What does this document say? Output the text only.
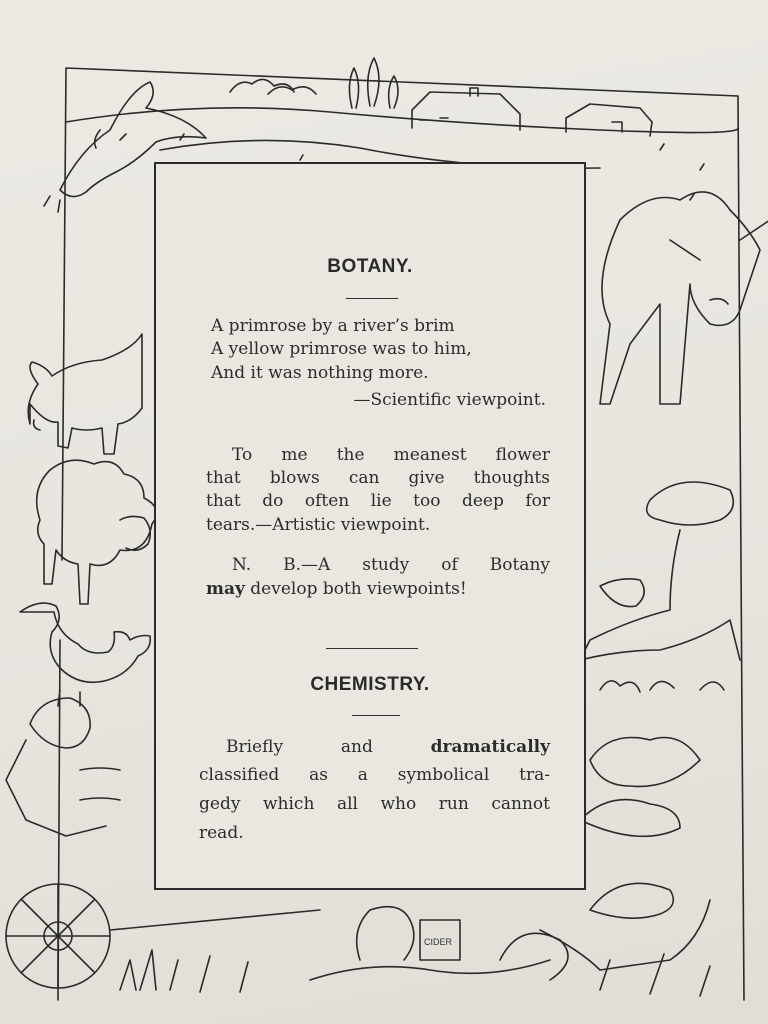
CIDER
BOTANY.

A primrose by a river’s brim

A yellow primrose was to him,

And it was nothing more.

—Scientific viewpoint.

To me the meanest flower

that blows can give thoughts

that do often lie too deep for

tears.—Artistic viewpoint.

N. B.—A study of Botany

may develop both viewpoints!

CHEMISTRY.

Briefly	and	dramatically

classified as a symbolical tra-

gedy which all who run cannot

read.
